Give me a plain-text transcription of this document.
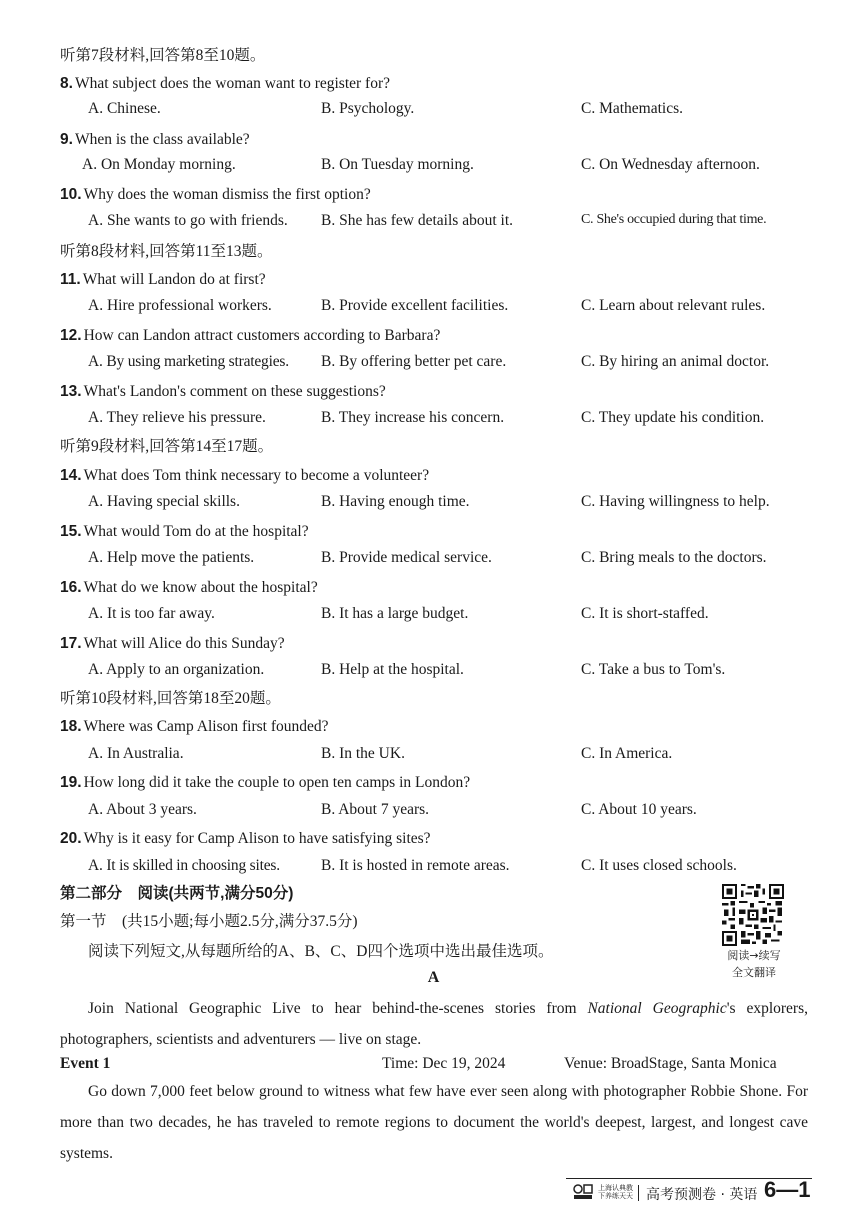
听第7段材料,回答第8至10题。
8. What subject does the woman want to register for?
A. Chinese.	B. Psychology.	C. Mathematics.
9. When is the class available?
A. On Monday morning.	B. On Tuesday morning.	C. On Wednesday afternoon.
10. Why does the woman dismiss the first option?
A. She wants to go with friends. B. She has few details about it.	C. She's occupied during that time.
听第8段材料,回答第11至13题。
11. What will Landon do at first?
A. Hire professional workers.	B. Provide excellent facilities.	C. Learn about relevant rules.
12. How can Landon attract customers according to Barbara?
A. By using marketing strategies. B. By offering better pet care.	C. By hiring an animal doctor.
13. What's Landon's comment on these suggestions?
A. They relieve his pressure.	B. They increase his concern.	C. They update his condition.
听第9段材料,回答第14至17题。
14. What does Tom think necessary to become a volunteer?
A. Having special skills.	B. Having enough time.	C. Having willingness to help.
15. What would Tom do at the hospital?
A. Help move the patients.	B. Provide medical service.	C. Bring meals to the doctors.
16. What do we know about the hospital?
A. It is too far away.	B. It has a large budget.	C. It is short-staffed.
17. What will Alice do this Sunday?
A. Apply to an organization.	B. Help at the hospital.	C. Take a bus to Tom's.
听第10段材料,回答第18至20题。
18. Where was Camp Alison first founded?
A. In Australia.	B. In the UK.	C. In America.
19. How long did it take the couple to open ten camps in London?
A. About 3 years.	B. About 7 years.	C. About 10 years.
20. Why is it easy for Camp Alison to have satisfying sites?
A. It is skilled in choosing sites.	B. It is hosted in remote areas.	C. It uses closed schools.
第二部分　阅读(共两节,满分50分)
第一节　(共15小题;每小题2.5分,满分37.5分)
阅读下列短文,从每题所给的A、B、C、D四个选项中选出最佳选项。	阅读→续写
全文翻译
A
Join National Geographic Live to hear behind-the-scenes stories from National Geographic's explorers, photographers, scientists and adventurers — live on stage.
Event 1	Time: Dec 19, 2024	Venue: BroadStage, Santa Monica
Go down 7,000 feet below ground to witness what few have ever seen along with photographer Robbie Shone. For more than two decades, he has traveled to remote regions to document the world's deepest, largest, and longest cave systems.
上海认典教
下养练天天 高考预测卷 · 英语 6—1
